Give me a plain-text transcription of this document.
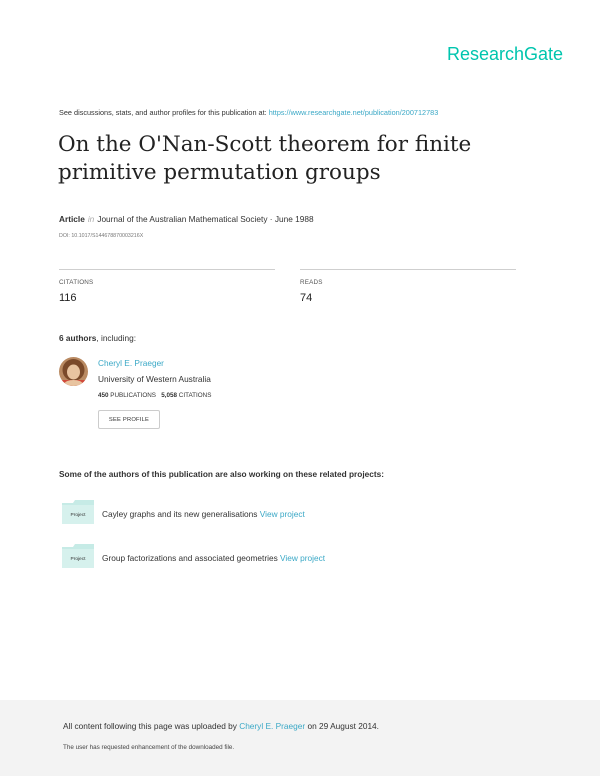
ResearchGate
See discussions, stats, and author profiles for this publication at: https://www.researchgate.net/publication/200712783
On the O'Nan-Scott theorem for finite primitive permutation groups
Article in Journal of the Australian Mathematical Society · June 1988
DOI: 10.1017/S144678870003216X
CITATIONS
116
READS
74
6 authors, including:
Cheryl E. Praeger
University of Western Australia
450 PUBLICATIONS 5,058 CITATIONS
SEE PROFILE
Some of the authors of this publication are also working on these related projects:
Project Cayley graphs and its new generalisations View project
Project Group factorizations and associated geometries View project
All content following this page was uploaded by Cheryl E. Praeger on 29 August 2014.
The user has requested enhancement of the downloaded file.
